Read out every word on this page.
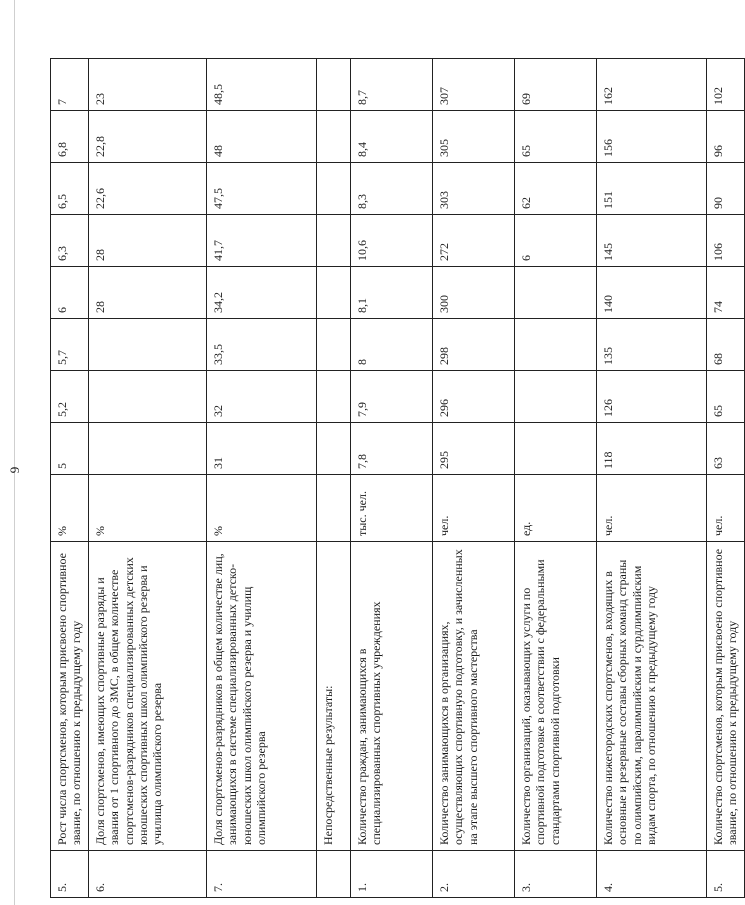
9
5.	Рост числа спортсменов, которым присвоено спортивное звание, по отношению к предыдущему году	%	5	5,2	5,7	6	6,3	6,5	6,8	7
6.	Доля спортсменов, имеющих спортивные разряды и звания от 1 спортивного до ЗМС, в общем количестве спортсменов-разрядников специализированных детских юношеских спортивных школ олимпийского резерва и училища олимпийского резерва	%				28	28	22,6	22,8	23
7.	Доля спортсменов-разрядников в общем количестве лиц, занимающихся в системе специализированных детско-юношеских школ олимпийского резерва и училищ олимпийского резерва	%	31	32	33,5	34,2	41,7	47,5	48	48,5
	Непосредственные результаты:									
1.	Количество граждан, занимающихся в специализированных спортивных учреждениях	тыс. чел.	7,8	7,9	8	8,1	10,6	8,3	8,4	8,7
2.	Количество занимающихся в организациях, осуществляющих спортивную подготовку, и зачисленных на этапе высшего спортивного мастерства	чел.	295	296	298	300	272	303	305	307
3.	Количество организаций, оказывающих услуги по спортивной подготовке в соответствии с федеральными стандартами спортивной подготовки	ед.					6	62	65	69
4.	Количество нижегородских спортсменов, входящих в основные и резервные составы сборных команд страны по олимпийским, паралимпийским и сурдлимпийским видам спорта, по отношению к предыдущему году	чел.	118	126	135	140	145	151	156	162
5.	Количество спортсменов, которым присвоено спортивное звание, по отношению к предыдущему году	чел.	63	65	68	74	106	90	96	102
